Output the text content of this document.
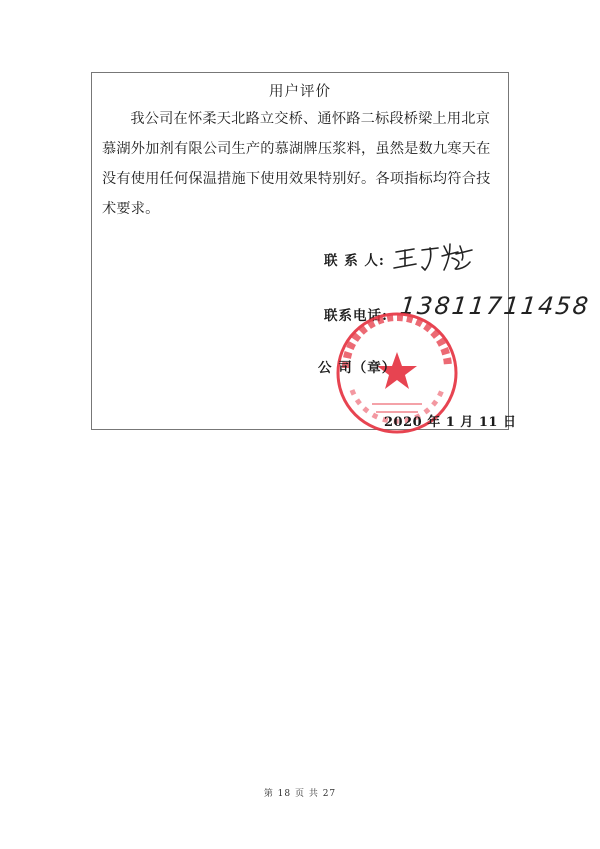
用户评价

我公司在怀柔天北路立交桥、通怀路二标段桥梁上用北京慕湖外加剂有限公司生产的慕湖牌压浆料，虽然是数九寒天在没有使用任何保温措施下使用效果特别好。各项指标均符合技术要求。

联 系 人:
联系电话: 13811711458
公 司（章）
2020 年 1 月 11 日
第 18 页 共 27
